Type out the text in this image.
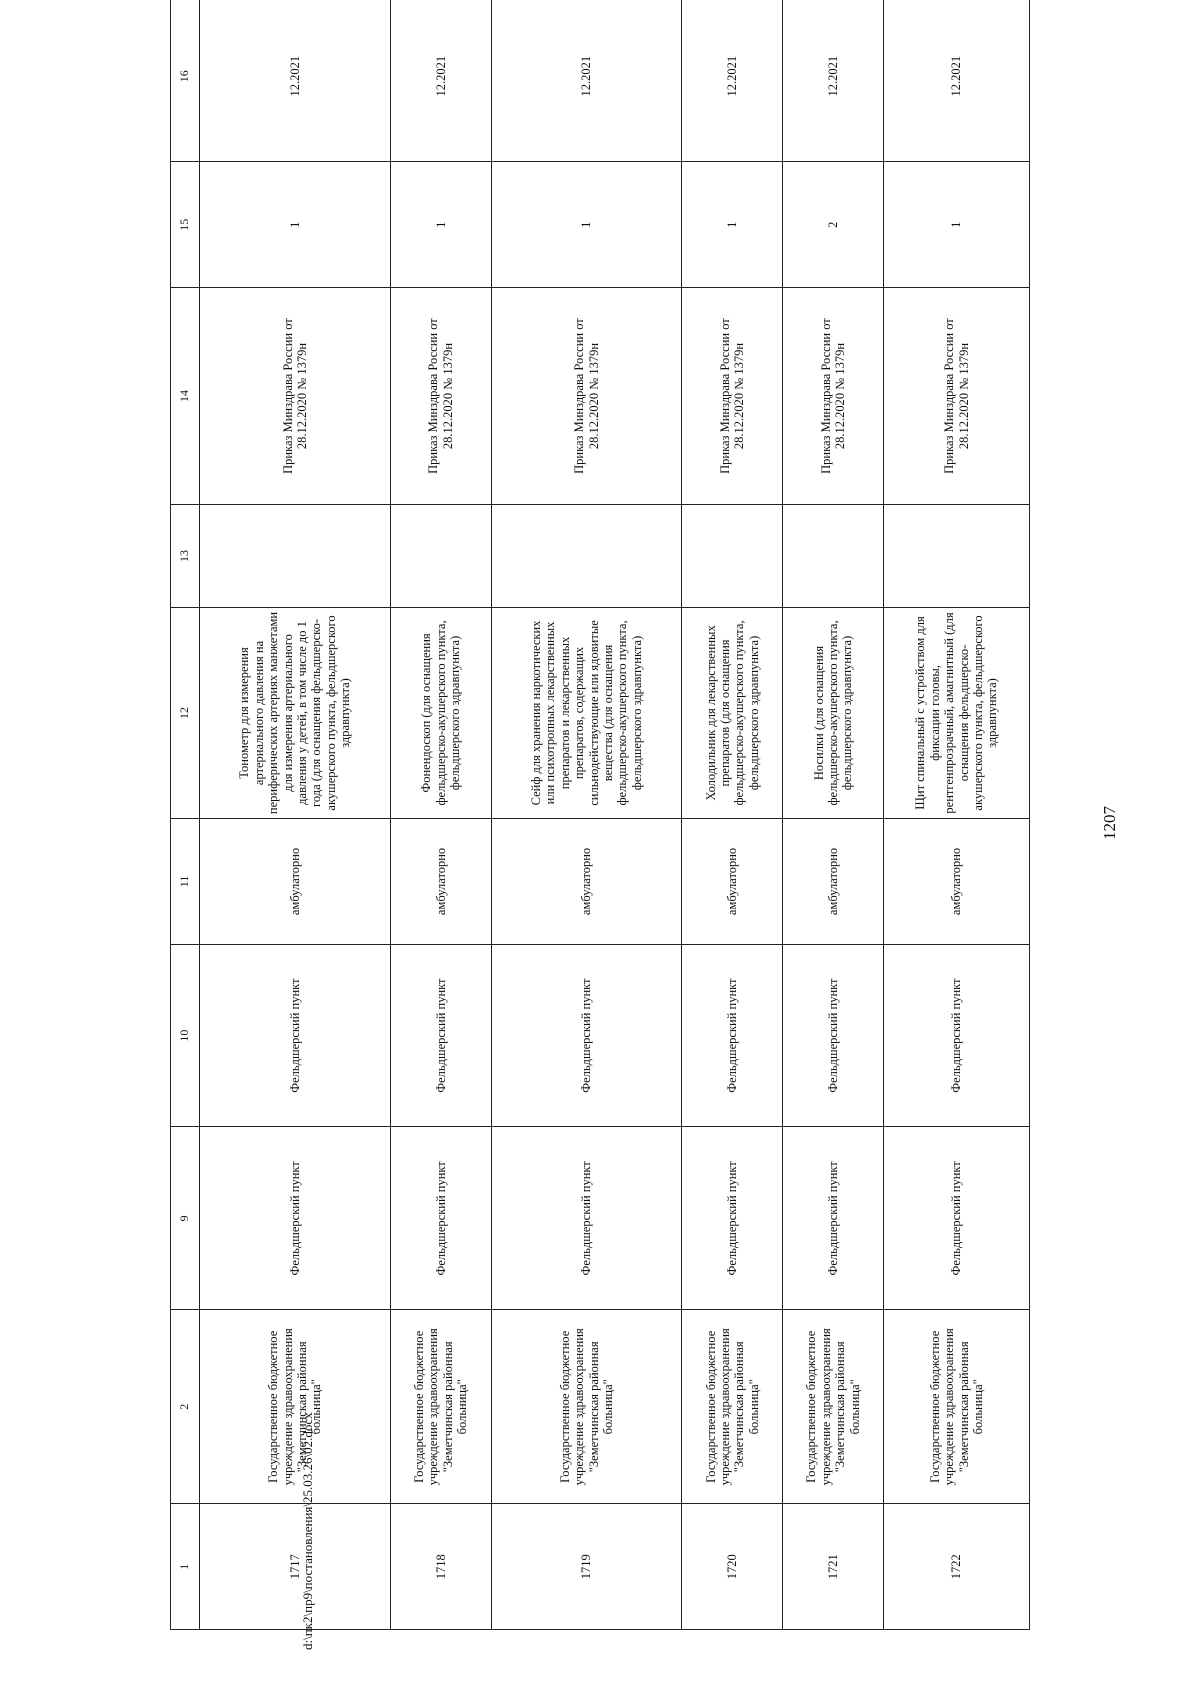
1207
d:\пк2\пр9\постановления\25.03.26\02.docx
1	2	9	10	11	12	13	14	15	16
1717	Государственное бюджетное учреждение здравоохранения "Земетчинская районная больница"	Фельдшерский пункт	Фельдшерский пункт	амбулаторно	Тонометр для измерения артериального давления на периферических артериях манжетами для измерения артериального давления у детей, в том числе до 1 года (для оснащения фельдшерско-акушерского пункта, фельдшерского здравпункта)		Приказ Минздрава России от 28.12.2020 № 1379н	1	12.2021
1718	Государственное бюджетное учреждение здравоохранения "Земетчинская районная больница"	Фельдшерский пункт	Фельдшерский пункт	амбулаторно	Фонендоскоп (для оснащения фельдшерско-акушерского пункта, фельдшерского здравпункта)		Приказ Минздрава России от 28.12.2020 № 1379н	1	12.2021
1719	Государственное бюджетное учреждение здравоохранения "Земетчинская районная больница"	Фельдшерский пункт	Фельдшерский пункт	амбулаторно	Сейф для хранения наркотических или психотропных лекарственных препаратов и лекарственных препаратов, содержащих сильнодействующие или ядовитые вещества (для оснащения фельдшерско-акушерского пункта, фельдшерского здравпункта)		Приказ Минздрава России от 28.12.2020 № 1379н	1	12.2021
1720	Государственное бюджетное учреждение здравоохранения "Земетчинская районная больница"	Фельдшерский пункт	Фельдшерский пункт	амбулаторно	Холодильник для лекарственных препаратов (для оснащения фельдшерско-акушерского пункта, фельдшерского здравпункта)		Приказ Минздрава России от 28.12.2020 № 1379н	1	12.2021
1721	Государственное бюджетное учреждение здравоохранения "Земетчинская районная больница"	Фельдшерский пункт	Фельдшерский пункт	амбулаторно	Носилки (для оснащения фельдшерско-акушерского пункта, фельдшерского здравпункта)		Приказ Минздрава России от 28.12.2020 № 1379н	2	12.2021
1722	Государственное бюджетное учреждение здравоохранения "Земетчинская районная больница"	Фельдшерский пункт	Фельдшерский пункт	амбулаторно	Щит спинальный с устройством для фиксации головы, рентгенпрозрачный, амагнитный (для оснащения фельдшерско-акушерского пункта, фельдшерского здравпункта)		Приказ Минздрава России от 28.12.2020 № 1379н	1	12.2021
